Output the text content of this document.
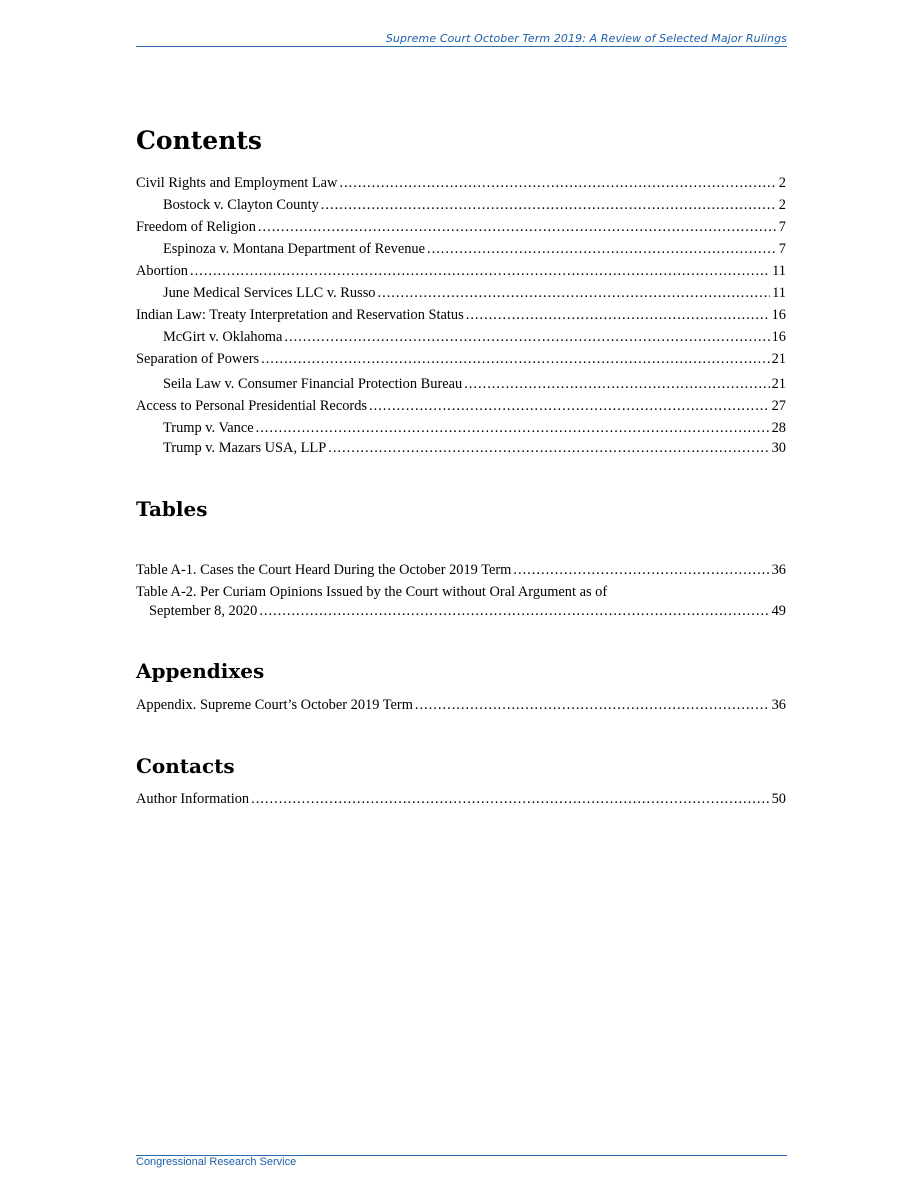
Supreme Court October Term 2019: A Review of Selected Major Rulings
Contents
Civil Rights and Employment Law .....	2
Bostock v. Clayton County .....	2
Freedom of Religion .....	7
Espinoza v. Montana Department of Revenue .....	7
Abortion .....	11
June Medical Services LLC v. Russo .....	11
Indian Law: Treaty Interpretation and Reservation Status .....	16
McGirt v. Oklahoma .....	16
Separation of Powers .....	21
Seila Law v. Consumer Financial Protection Bureau .....	21
Access to Personal Presidential Records .....	27
Trump v. Vance .....	28
Trump v. Mazars USA, LLP .....	30
Tables
Table A-1. Cases the Court Heard During the October 2019 Term .....	36
Table A-2. Per Curiam Opinions Issued by the Court without Oral Argument as of
September 8, 2020 .....	49
Appendixes
Appendix. Supreme Court’s October 2019 Term .....	36
Contacts
Author Information .....	50
Congressional Research Service
